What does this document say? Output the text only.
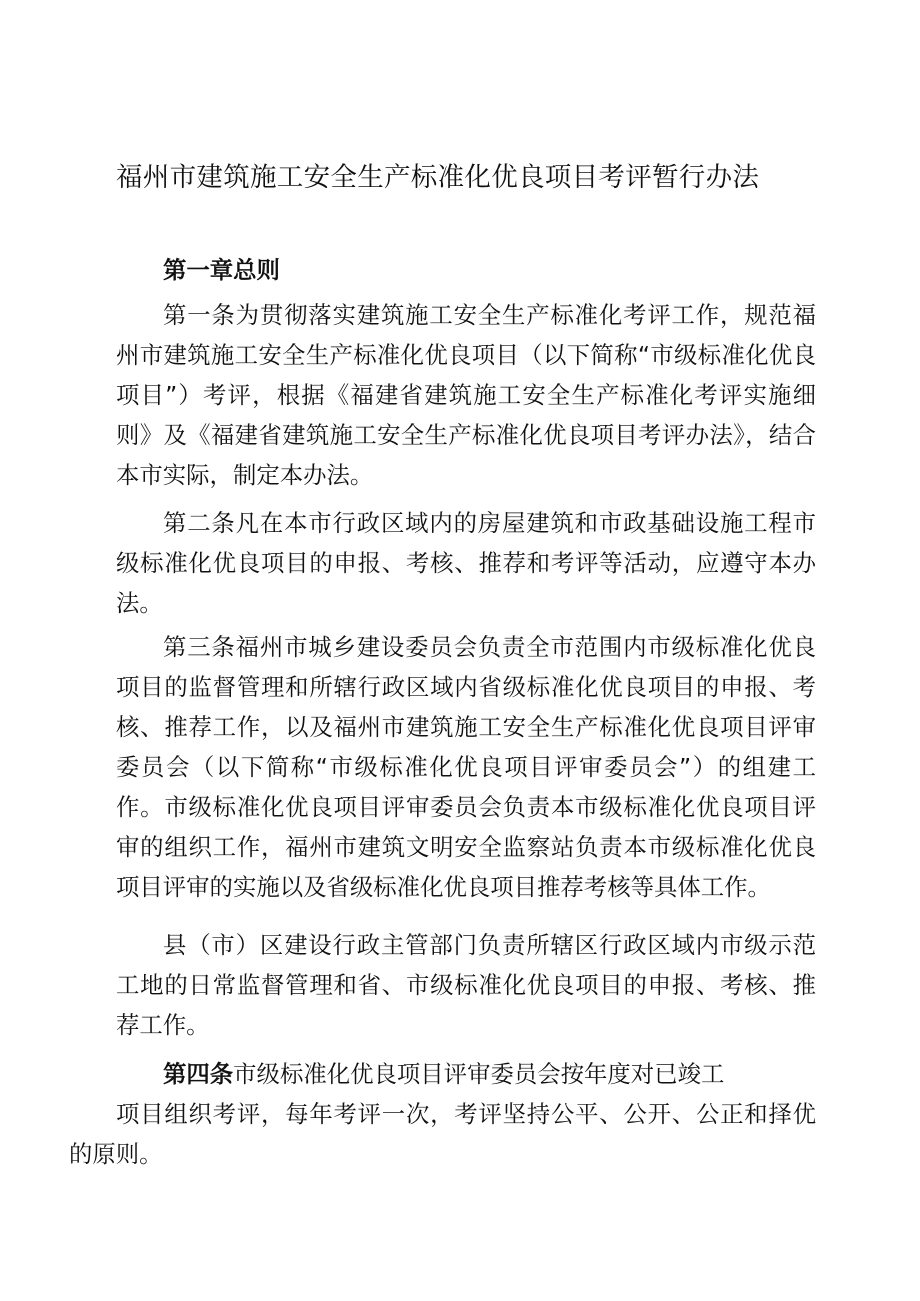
福州市建筑施工安全生产标准化优良项目考评暂行办法

第一章总则

第一条为贯彻落实建筑施工安全生产标准化考评工作，规范福州市建筑施工安全生产标准化优良项目（以下简称“市级标准化优良项目”）考评，根据《福建省建筑施工安全生产标准化考评实施细则》及《福建省建筑施工安全生产标准化优良项目考评办法》，结合本市实际，制定本办法。

第二条凡在本市行政区域内的房屋建筑和市政基础设施工程市级标准化优良项目的申报、考核、推荐和考评等活动，应遵守本办法。

第三条福州市城乡建设委员会负责全市范围内市级标准化优良项目的监督管理和所辖行政区域内省级标准化优良项目的申报、考核、推荐工作，以及福州市建筑施工安全生产标准化优良项目评审委员会（以下简称“市级标准化优良项目评审委员会”）的组建工作。市级标准化优良项目评审委员会负责本市级标准化优良项目评审的组织工作，福州市建筑文明安全监察站负责本市级标准化优良项目评审的实施以及省级标准化优良项目推荐考核等具体工作。

县（市）区建设行政主管部门负责所辖区行政区域内市级示范工地的日常监督管理和省、市级标准化优良项目的申报、考核、推荐工作。

第四条市级标准化优良项目评审委员会按年度对已竣工
项目组织考评，每年考评一次，考评坚持公平、公开、公正和择优的原则。
